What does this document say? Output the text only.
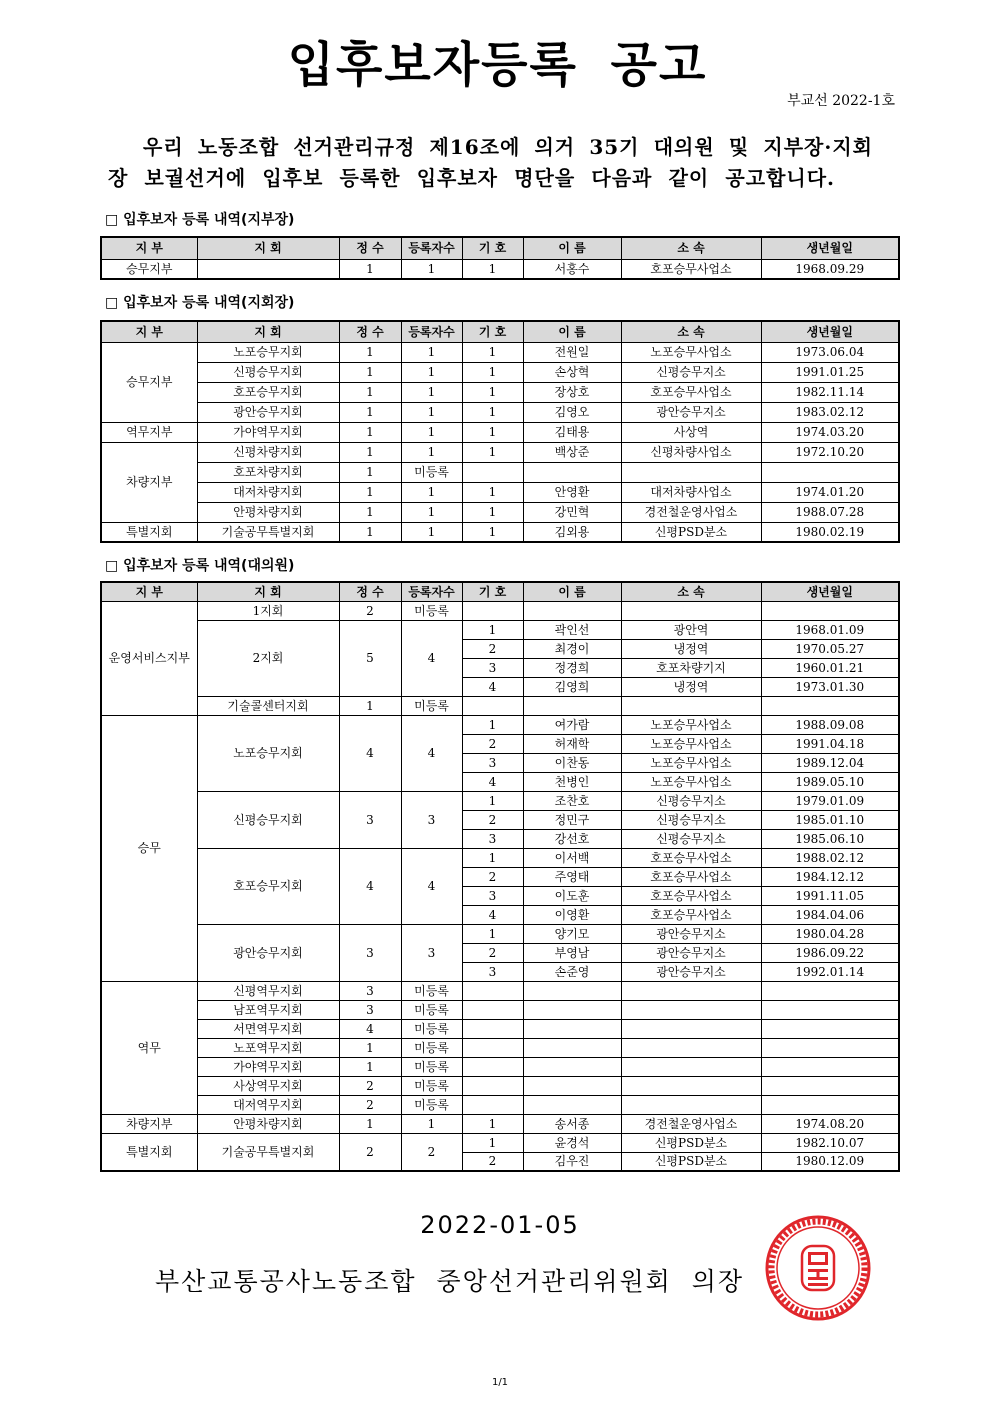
입후보자등록 공고
부교선 2022-1호
우리 노동조합 선거관리규정 제16조에 의거 35기 대의원 및 지부장·지회
장 보궐선거에 입후보 등록한 입후보자 명단을 다음과 같이 공고합니다.
□ 입후보자 등록 내역(지부장)
지 부	지 회	정 수	등록자수	기 호	이 름	소 속	생년월일
승무지부		1	1	1	서홍수	호포승무사업소	1968.09.29
□ 입후보자 등록 내역(지회장)
지 부	지 회	정 수	등록자수	기 호	이 름	소 속	생년월일
승무지부	노포승무지회	1	1	1	전원일	노포승무사업소	1973.06.04
	신평승무지회	1	1	1	손상혁	신평승무지소	1991.01.25
	호포승무지회	1	1	1	장상호	호포승무사업소	1982.11.14
	광안승무지회	1	1	1	김영오	광안승무지소	1983.02.12
역무지부	가야역무지회	1	1	1	김태용	사상역	1974.03.20
차량지부	신평차량지회	1	1	1	백상준	신평차량사업소	1972.10.20
	호포차량지회	1	미등록				
	대저차량지회	1	1	1	안영환	대저차량사업소	1974.01.20
	안평차량지회	1	1	1	강민혁	경전철운영사업소	1988.07.28
특별지회	기술공무특별지회	1	1	1	김외용	신평PSD분소	1980.02.19
□ 입후보자 등록 내역(대의원)
지 부	지 회	정 수	등록자수	기 호	이 름	소 속	생년월일
운영서비스지부	1지회	2	미등록				
	2지회	5	4	1	곽인선	광안역	1968.01.09
				2	최경이	냉정역	1970.05.27
				3	정경희	호포차량기지	1960.01.21
				4	김영희	냉정역	1973.01.30
	기술콜센터지회	1	미등록				
승무	노포승무지회	4	4	1	여가람	노포승무사업소	1988.09.08
				2	허재학	노포승무사업소	1991.04.18
				3	이찬동	노포승무사업소	1989.12.04
				4	천병인	노포승무사업소	1989.05.10
	신평승무지회	3	3	1	조찬호	신평승무지소	1979.01.09
				2	정민구	신평승무지소	1985.01.10
				3	강선호	신평승무지소	1985.06.10
	호포승무지회	4	4	1	이서백	호포승무사업소	1988.02.12
				2	주영태	호포승무사업소	1984.12.12
				3	이도훈	호포승무사업소	1991.11.05
				4	이영환	호포승무사업소	1984.04.06
	광안승무지회	3	3	1	양기모	광안승무지소	1980.04.28
				2	부영남	광안승무지소	1986.09.22
				3	손준영	광안승무지소	1992.01.14
역무	신평역무지회	3	미등록				
	남포역무지회	3	미등록				
	서면역무지회	4	미등록				
	노포역무지회	1	미등록				
	가야역무지회	1	미등록				
	사상역무지회	2	미등록				
	대저역무지회	2	미등록				
차량지부	안평차량지회	1	1	1	송서종	경전철운영사업소	1974.08.20
특별지회	기술공무특별지회	2	2	1	윤경석	신평PSD분소	1982.10.07
				2	김우진	신평PSD분소	1980.12.09
2022-01-05
부산교통공사노동조합 중앙선거관리위원회 의장
1/1
